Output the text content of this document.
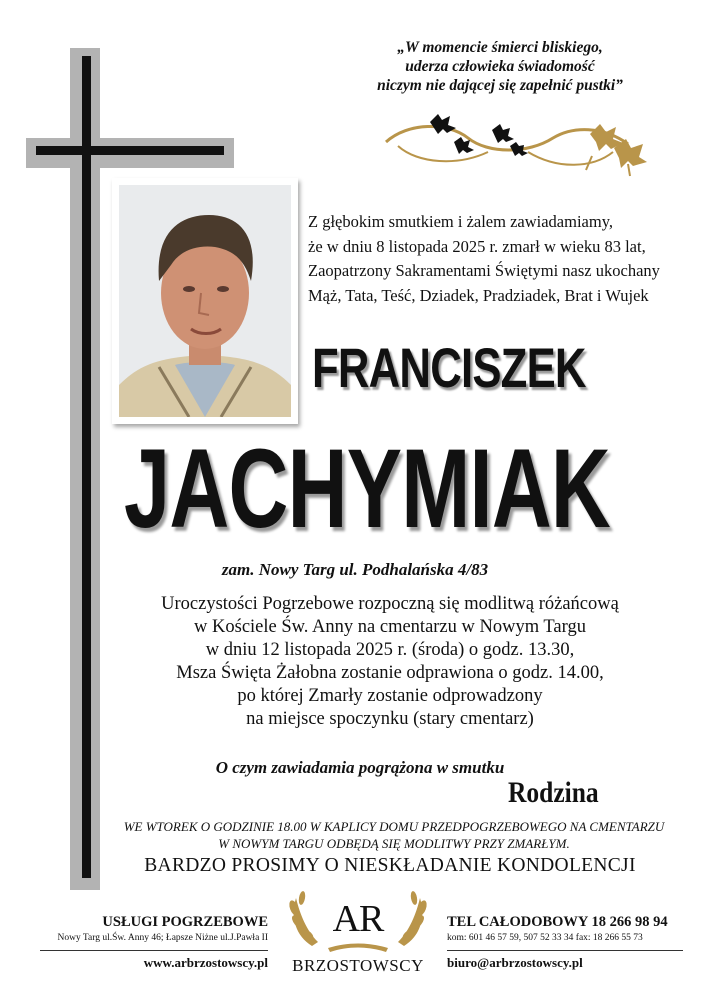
„W momencie śmierci bliskiego,
uderza człowieka świadomość
niczym nie dającej się zapełnić pustki”
Z głębokim smutkiem i żalem zawiadamiamy,
że w dniu 8 listopada 2025 r. zmarł w wieku 83 lat,
Zaopatrzony Sakramentami Świętymi nasz ukochany
Mąż, Tata, Teść, Dziadek, Pradziadek, Brat i Wujek
FRANCISZEK
JACHYMIAK
zam. Nowy Targ ul. Podhalańska 4/83
Uroczystości Pogrzebowe rozpoczną się modlitwą różańcową
w Kościele Św. Anny na cmentarzu w Nowym Targu
w dniu 12 listopada 2025 r. (środa) o godz. 13.30,
Msza Święta Żałobna zostanie odprawiona o godz. 14.00,
po której Zmarły zostanie odprowadzony
na miejsce spoczynku (stary cmentarz)
O czym zawiadamia pogrążona w smutku
Rodzina
WE WTOREK O GODZINIE 18.00 W KAPLICY DOMU PRZEDPOGRZEBOWEGO NA CMENTARZU
W NOWYM TARGU ODBĘDĄ SIĘ MODLITWY PRZY ZMARŁYM.
BARDZO PROSIMY O NIESKŁADANIE KONDOLENCJI
USŁUGI POGRZEBOWE
Nowy Targ ul.Św. Anny 46; Łapsze Niżne ul.J.Pawła II
www.arbrzostowscy.pl
AR
BRZOSTOWSCY
TEL CAŁODOBOWY 18 266 98 94
kom: 601 46 57 59, 507 52 33 34 fax: 18 266 55 73
biuro@arbrzostowscy.pl
